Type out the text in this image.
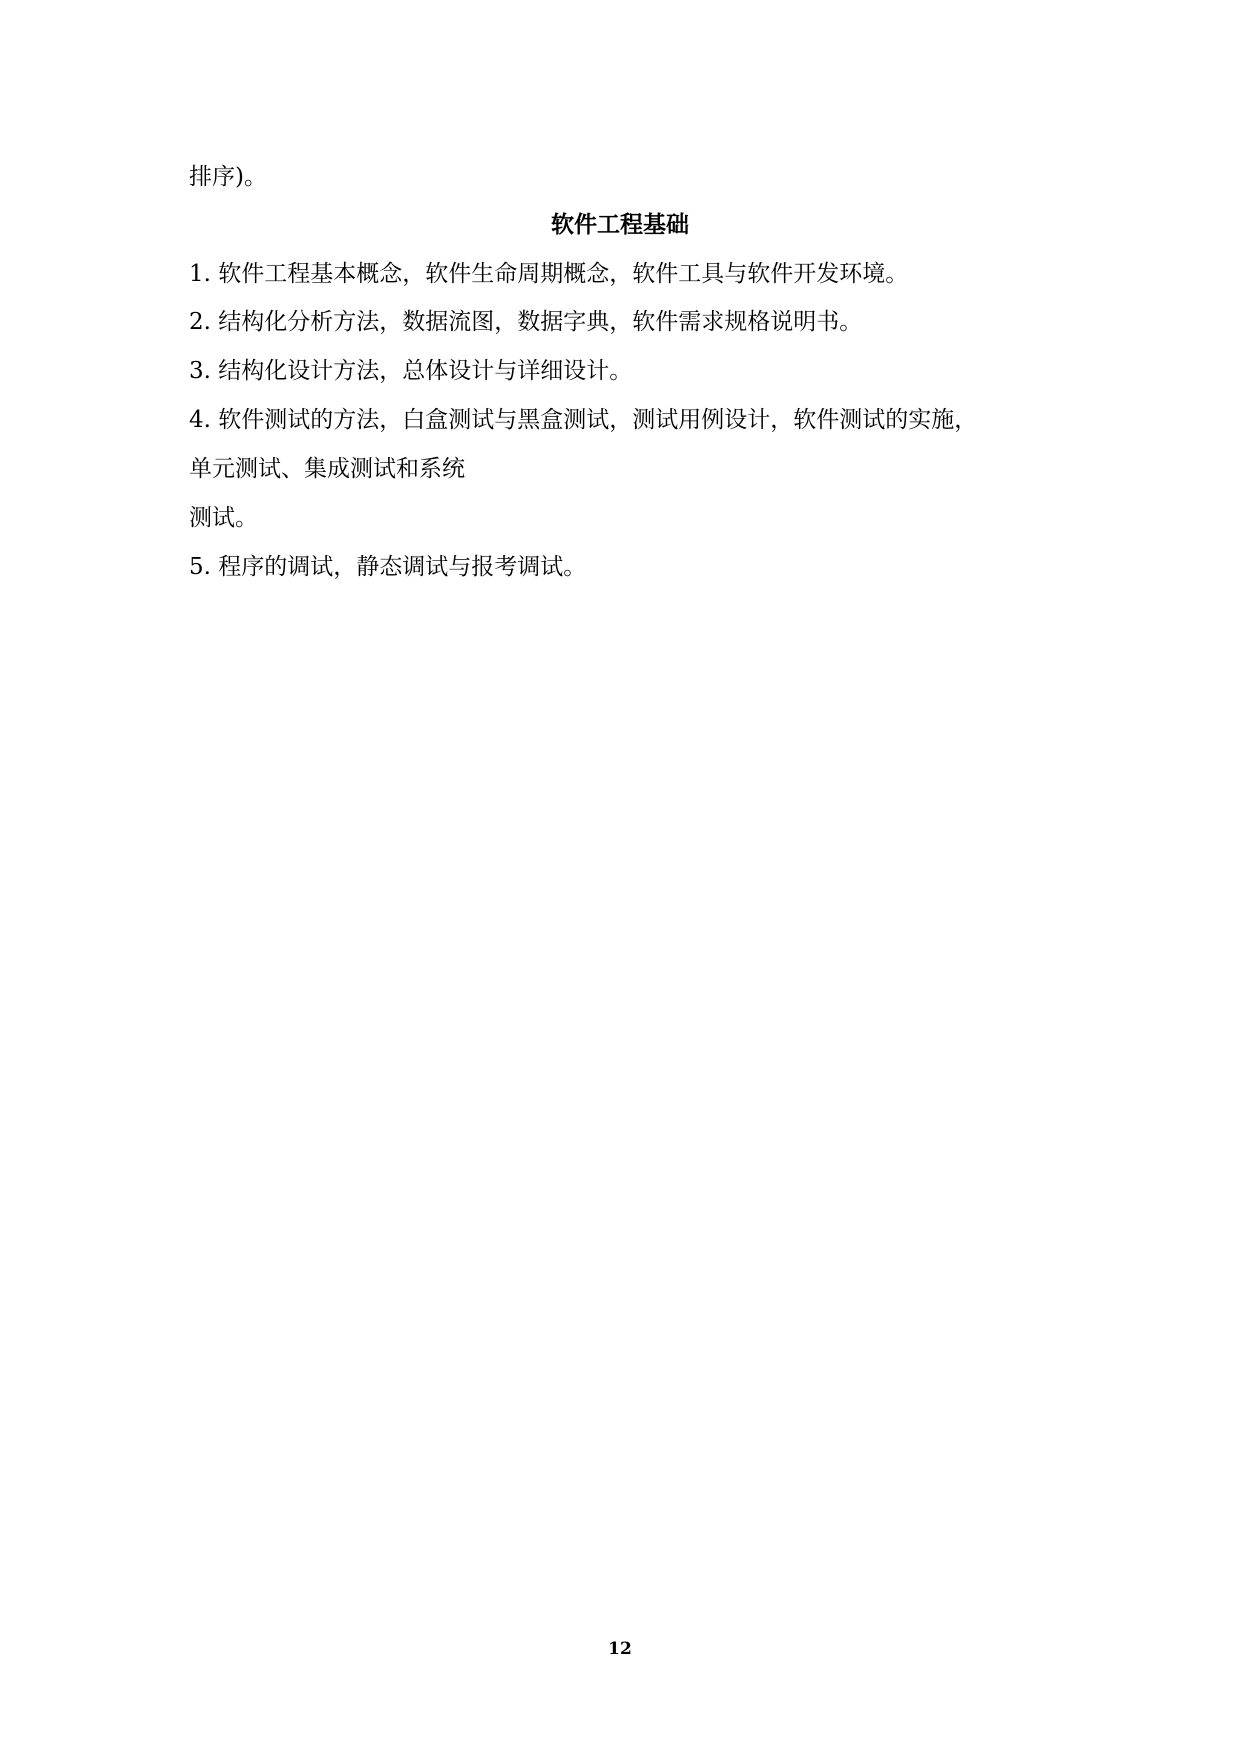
排序)。
软件工程基础
1. 软件工程基本概念，软件生命周期概念，软件工具与软件开发环境。
2. 结构化分析方法，数据流图，数据字典，软件需求规格说明书。
3. 结构化设计方法，总体设计与详细设计。
4. 软件测试的方法，白盒测试与黑盒测试，测试用例设计，软件测试的实施，
单元测试、集成测试和系统
测试。
5. 程序的调试，静态调试与报考调试。
12
